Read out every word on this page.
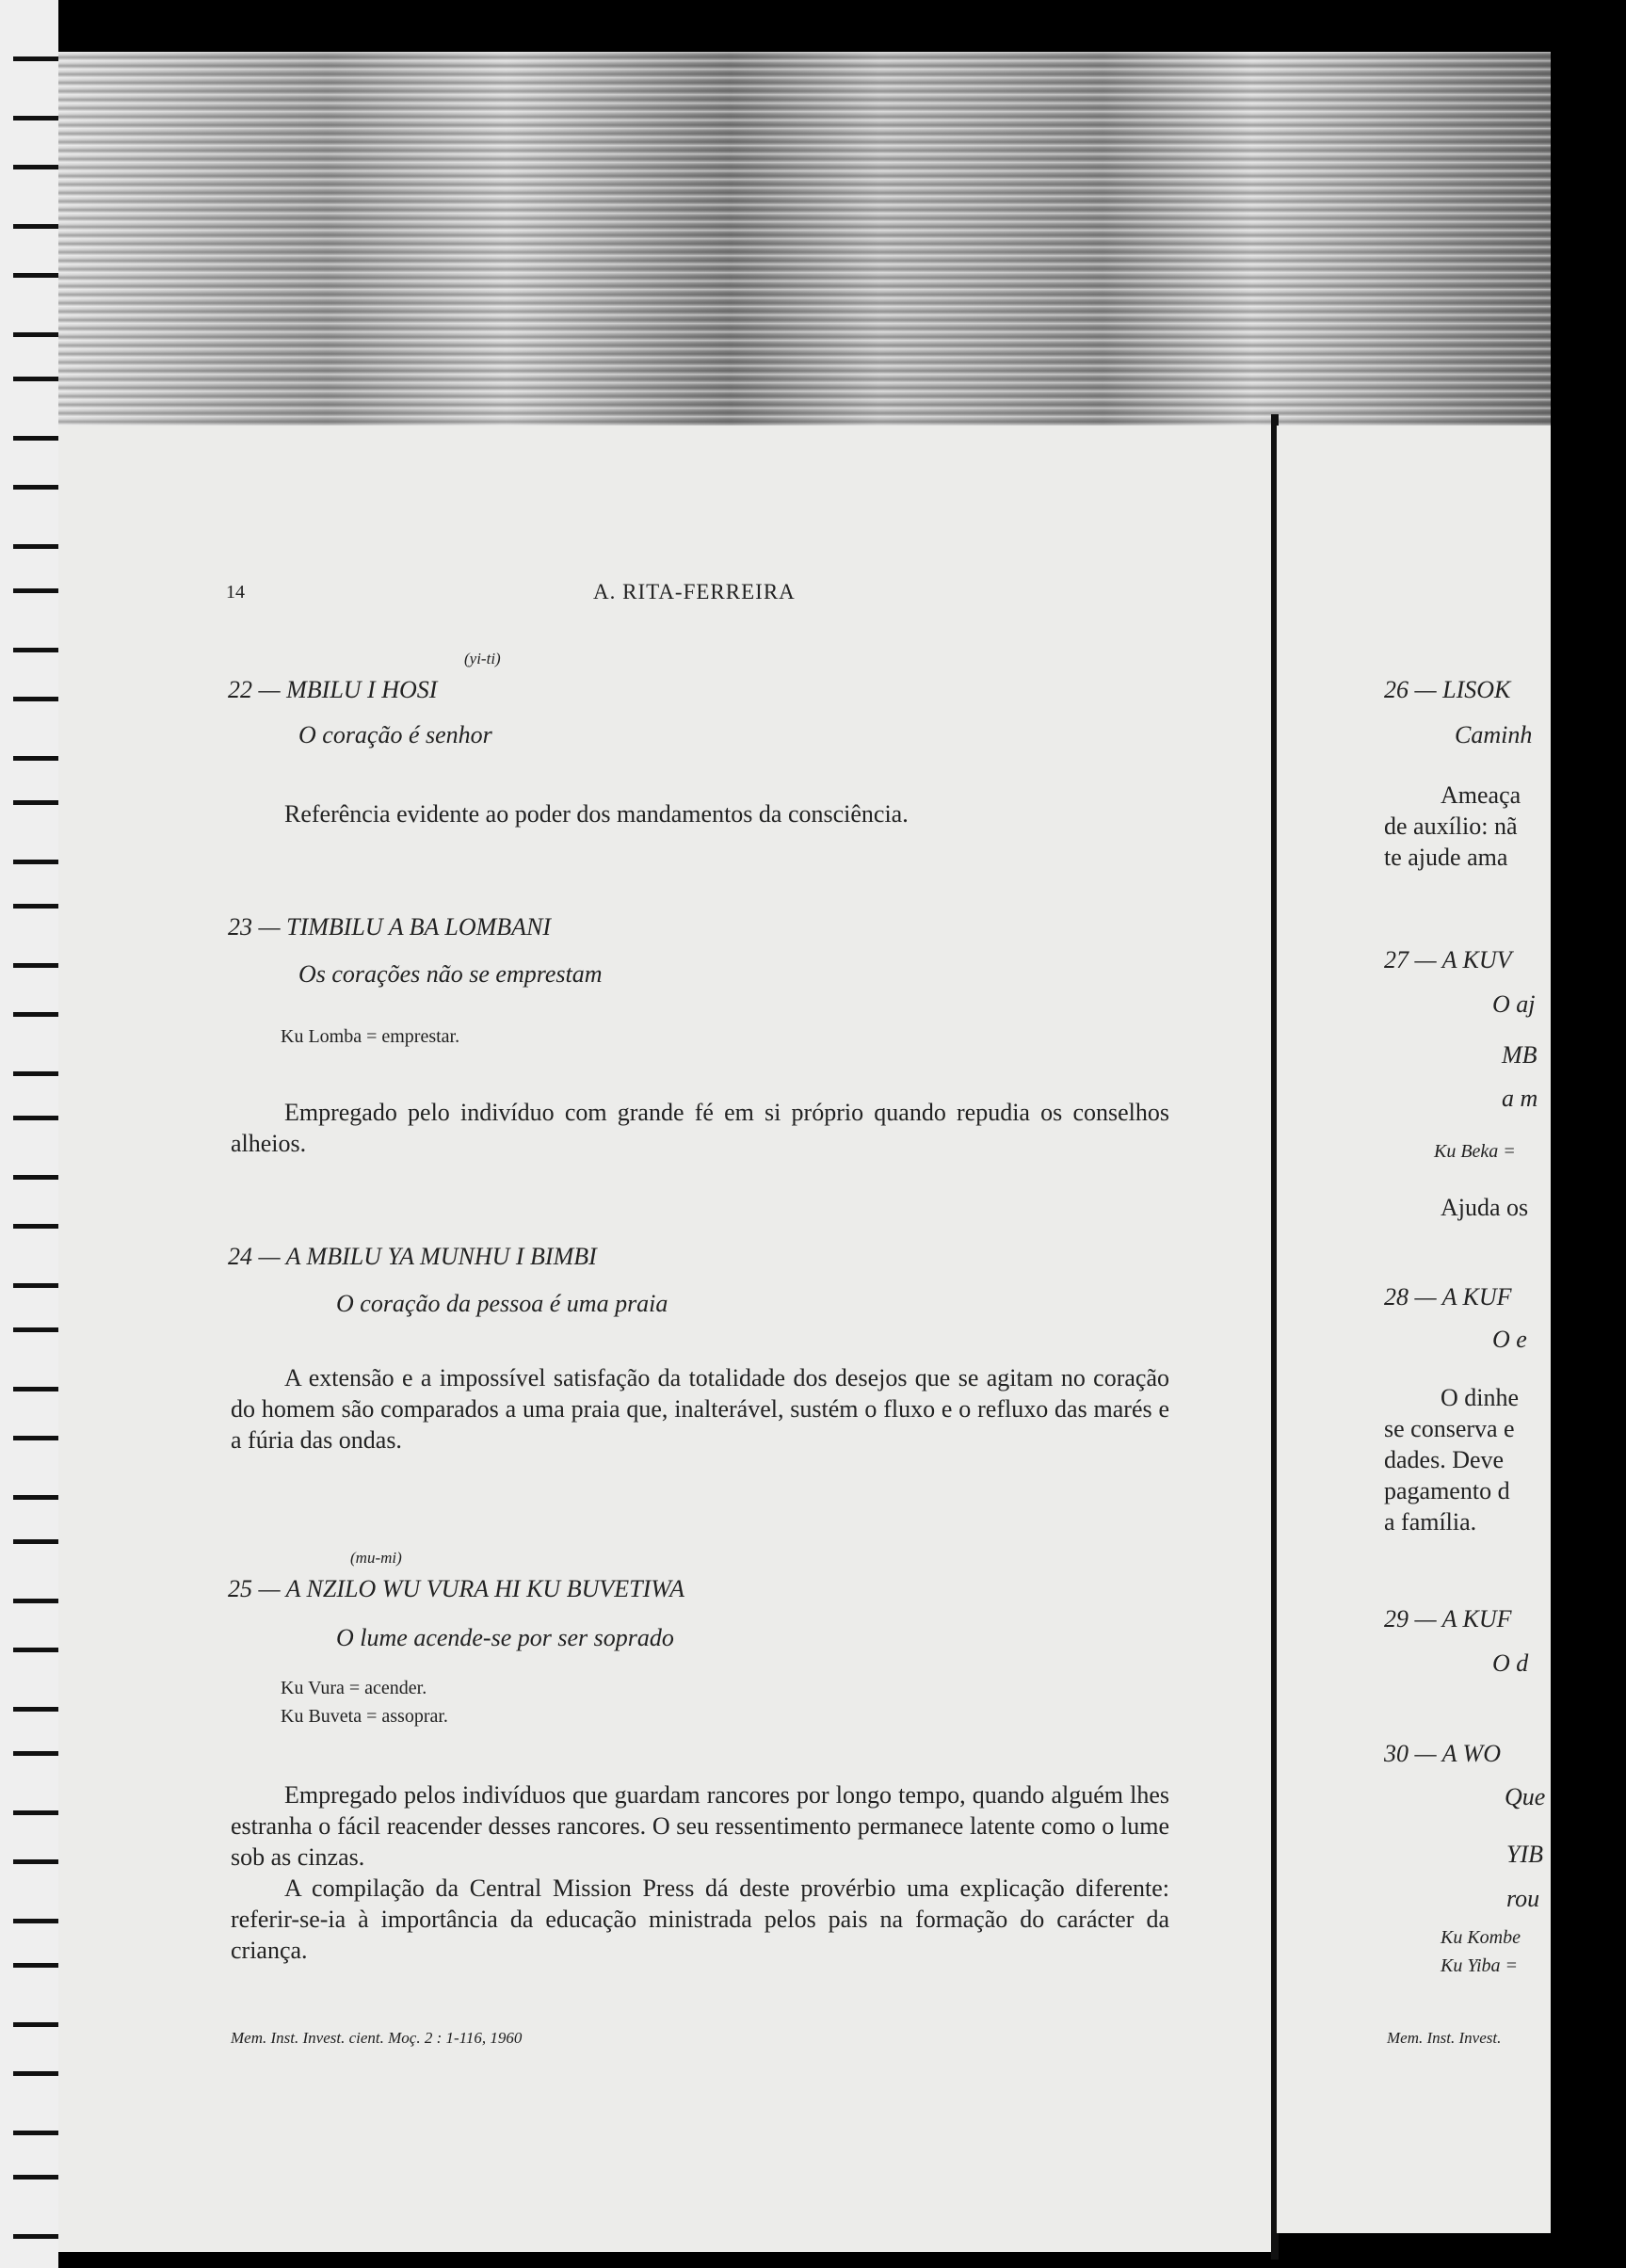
14	A. RITA-FERREIRA
(yi-ti)
22 — MBILU I HOSI
O coração é senhor

Referência evidente ao poder dos mandamentos da consciência.

23 — TIMBILU A BA LOMBANI
Os corações não se emprestam
Ku Lomba = emprestar.

Empregado pelo indivíduo com grande fé em si próprio quando repudia os conselhos alheios.

24 — A MBILU YA MUNHU I BIMBI
O coração da pessoa é uma praia

A extensão e a impossível satisfação da totalidade dos desejos que se agitam no coração do homem são comparados a uma praia que, inalterável, sustém o fluxo e o refluxo das marés e a fúria das ondas.

(mu-mi)
25 — A NZILO WU VURA HI KU BUVETIWA
O lume acende-se por ser soprado
Ku Vura = acender.
Ku Buveta = assoprar.

Empregado pelos indivíduos que guardam rancores por longo tempo, quando alguém lhes estranha o fácil reacender desses rancores. O seu ressentimento permanece latente como o lume sob as cinzas.

A compilação da Central Mission Press dá deste provérbio uma explicação diferente: referir-se-ia à importância da educação ministrada pelos pais na formação do carácter da criança.

Mem. Inst. Invest. cient. Moç. 2 : 1-116, 1960
26 — LISOK
Caminh
Ameaça
de auxílio: nã
te ajude ama
27 — A KUV
O aj
MB
a m
Ku Beka =
Ajuda os
28 — A KUF
O e
O dinhe
se conserva e
dades. Deve
pagamento d
a família.
29 — A KUF
O d
30 — A WO
Que
YIB
rou
Ku Kombe
Ku Yiba =
Mem. Inst. Invest.
